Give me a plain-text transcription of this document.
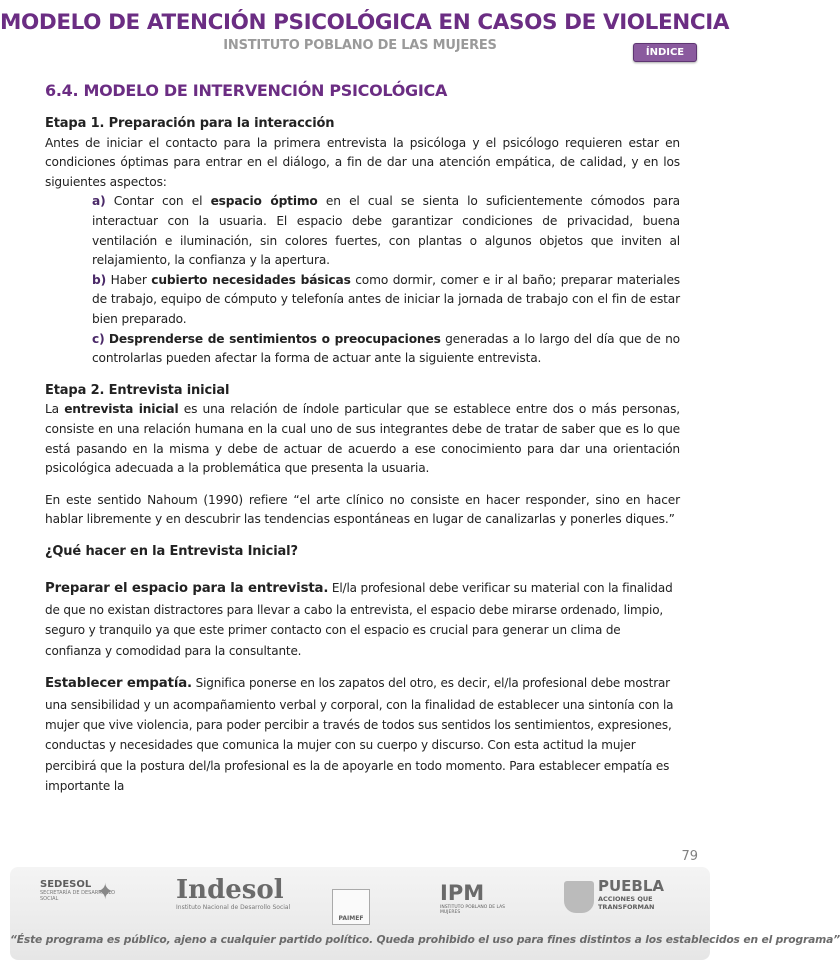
MODELO DE ATENCIÓN PSICOLÓGICA EN CASOS DE VIOLENCIA
INSTITUTO POBLANO DE LAS MUJERES	ÍNDICE
6.4. MODELO DE INTERVENCIÓN PSICOLÓGICA

Etapa 1. Preparación para la interacción

Antes de iniciar el contacto para la primera entrevista la psicóloga y el psicólogo requieren estar en condiciones óptimas para entrar en el diálogo, a fin de dar una atención empática, de calidad, y en los siguientes aspectos:

a) Contar con el espacio óptimo en el cual se sienta lo suficientemente cómodos para interactuar con la usuaria. El espacio debe garantizar condiciones de privacidad, buena ventilación e iluminación, sin colores fuertes, con plantas o algunos objetos que inviten al relajamiento, la confianza y la apertura.

b) Haber cubierto necesidades básicas como dormir, comer e ir al baño; preparar materiales de trabajo, equipo de cómputo y telefonía antes de iniciar la jornada de trabajo con el fin de estar bien preparado.

c) Desprenderse de sentimientos o preocupaciones generadas a lo largo del día que de no controlarlas pueden afectar la forma de actuar ante la siguiente entrevista.

Etapa 2. Entrevista inicial

La entrevista inicial es una relación de índole particular que se establece entre dos o más personas, consiste en una relación humana en la cual uno de sus integrantes debe de tratar de saber que es lo que está pasando en la misma y debe de actuar de acuerdo a ese conocimiento para dar una orientación psicológica adecuada a la problemática que presenta la usuaria.

En este sentido Nahoum (1990) refiere “el arte clínico no consiste en hacer responder, sino en hacer hablar libremente y en descubrir las tendencias espontáneas en lugar de canalizarlas y ponerles diques.”

¿Qué hacer en la Entrevista Inicial?

Preparar el espacio para la entrevista. El/la profesional debe verificar su material con la finalidad de que no existan distractores para llevar a cabo la entrevista, el espacio debe mirarse ordenado, limpio, seguro y tranquilo ya que este primer contacto con el espacio es crucial para generar un clima de confianza y comodidad para la consultante.

Establecer empatía. Significa ponerse en los zapatos del otro, es decir, el/la profesional debe mostrar una sensibilidad y un acompañamiento verbal y corporal, con la finalidad de establecer una sintonía con la mujer que vive violencia, para poder percibir a través de todos sus sentidos los sentimientos, expresiones, conductas y necesidades que comunica la mujer con su cuerpo y discurso. Con esta actitud la mujer percibirá que la postura del/la profesional es la de apoyarle en todo momento. Para establecer empatía es importante la

79
✦
SEDESOL
SECRETARÍA DE DESARROLLO SOCIAL	Indesol
Instituto Nacional de Desarrollo Social
PAIMEF
IPM
INSTITUTO POBLANO DE LAS MUJERES
PUEBLA
ACCIONES QUE TRANSFORMAN
“Éste programa es público, ajeno a cualquier partido político. Queda prohibido el uso para fines distintos a los establecidos en el programa”
